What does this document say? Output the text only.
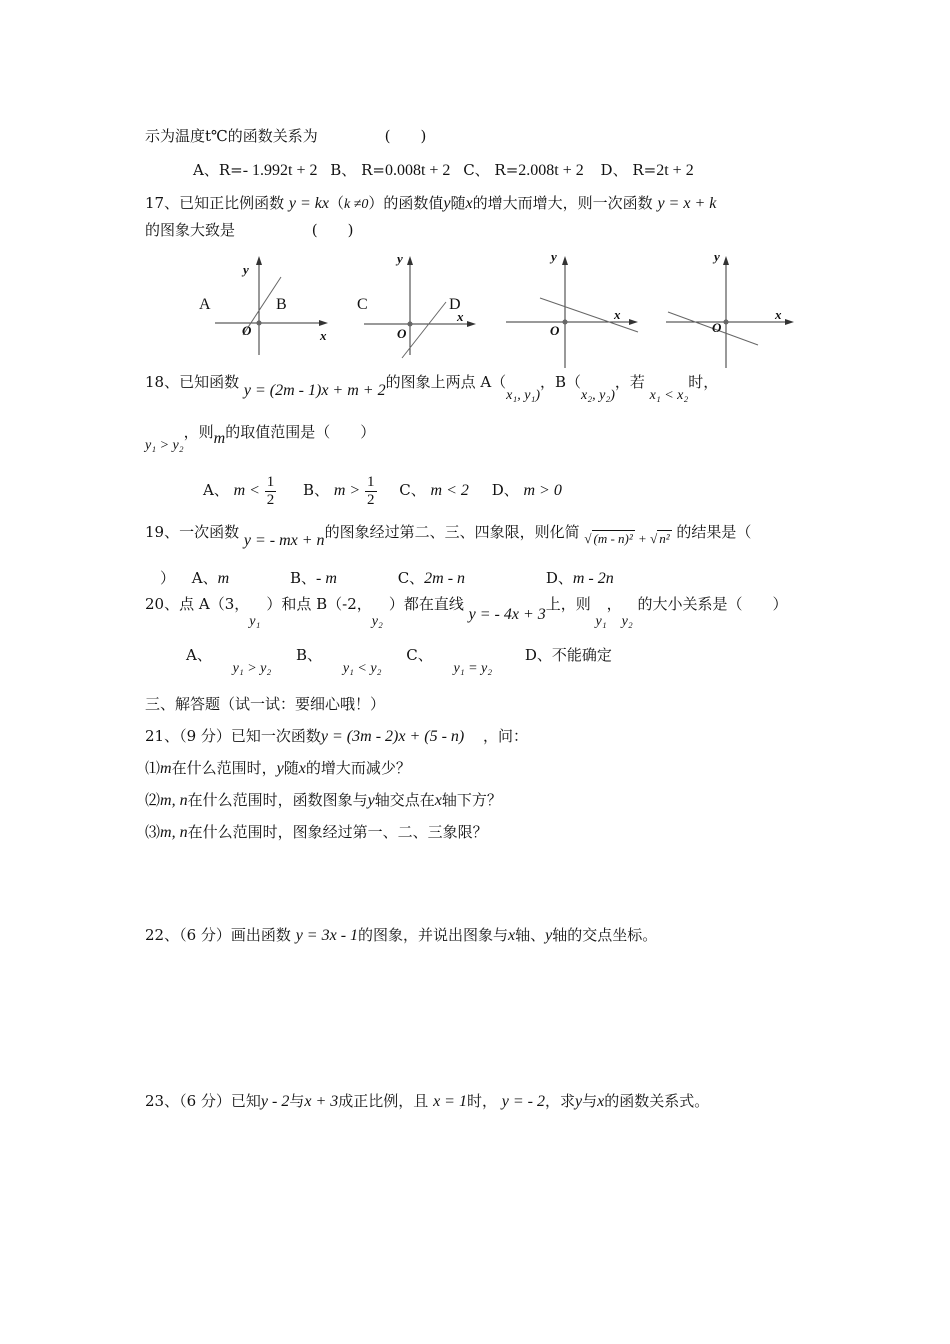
示为温度t℃的函数关系为	(　　)
A、R=- 1.992t + 2 B、 R=0.008t + 2 C、 R=2.008t + 2 D、 R=2t + 2
17、已知正比例函数 y = kx（k ≠0）的函数值y随x的增大而增大，则一次函数 y = x + k
的图象大致是	(　　)
y
A	B
O	x
y
C	D
O
x
y
O
x
y
O
x
18、已知函数 y = (2m - 1)x + m + 2的图象上两点 A（x₁, y₁)，B（x₂, y₂)，若 x₁ < x₂时，
y₁ > y₂，则m的取值范围是（　　）
A、 $m < \frac{1}{2}$ B、 $m > \frac{1}{2}$ C、 m < 2 D、 m > 0
19、一次函数 y = - mx + n的图象经过第二、三、四象限，则化简 √ (m - n)² + √ n² 的结果是（
） A、m	B、- m	C、2m - n	D、m - 2n
20、点 A（3，y₁）和点 B（-2，y₂）都在直线 y = - 4x + 3上，则 y₁，y₂ 的大小关系是（　　）
A、 y₁ > y₂ B、 y₁ < y₂ C、 y₁ = y₂ D、不能确定
三、解答题（试一试：要细心哦！）
21、（9 分）已知一次函数y = (3m - 2)x + (5 - n) ，问：
⑴m在什么范围时，y随x的增大而减少？
⑵m, n在什么范围时，函数图象与y轴交点在x轴下方？
⑶m, n在什么范围时，图象经过第一、二、三象限？
22、（6 分）画出函数 y = 3x - 1的图象，并说出图象与x轴、y轴的交点坐标。
23、（6 分）已知y - 2与x + 3成正比例，且 x = 1时， y = - 2，求y与x的函数关系式。
